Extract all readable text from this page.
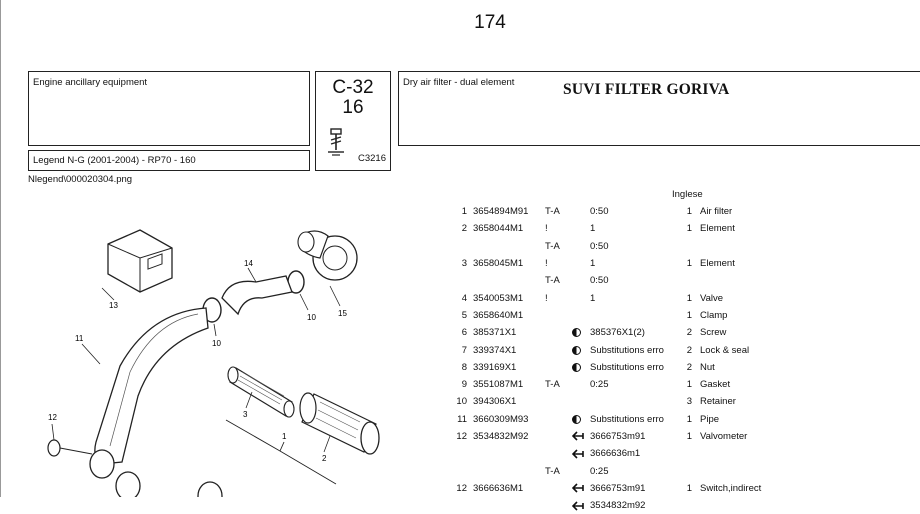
174
Engine ancillary equipment
Legend N-G (2001-2004) - RP70 - 160
C-32
16
C3216
Dry air filter - dual element	SUVI FILTER GORIVA
Nlegend\000020304.png
Inglese
1	3654894M91	T-A		0:50	1	Air filter
2	3658044M1	!		1	1	Element
		T-A		0:50		
3	3658045M1	!		1	1	Element
		T-A		0:50		
4	3540053M1	!		1	1	Valve
5	3658640M1				1	Clamp
6	385371X1			385376X1(2)	2	Screw
7	339374X1			Substitutions erro	2	Lock & seal
8	339169X1			Substitutions erro	2	Nut
9	3551087M1	T-A		0:25	1	Gasket
10	394306X1				3	Retainer
11	3660309M93			Substitutions erro	1	Pipe
12	3534832M92			3666753m91	1	Valvometer
				3666636m1		
		T-A		0:25		
12	3666636M1			3666753m91	1	Switch,indirect
				3534832m92		
13
15
10
14
10
11
12	3
2
1
